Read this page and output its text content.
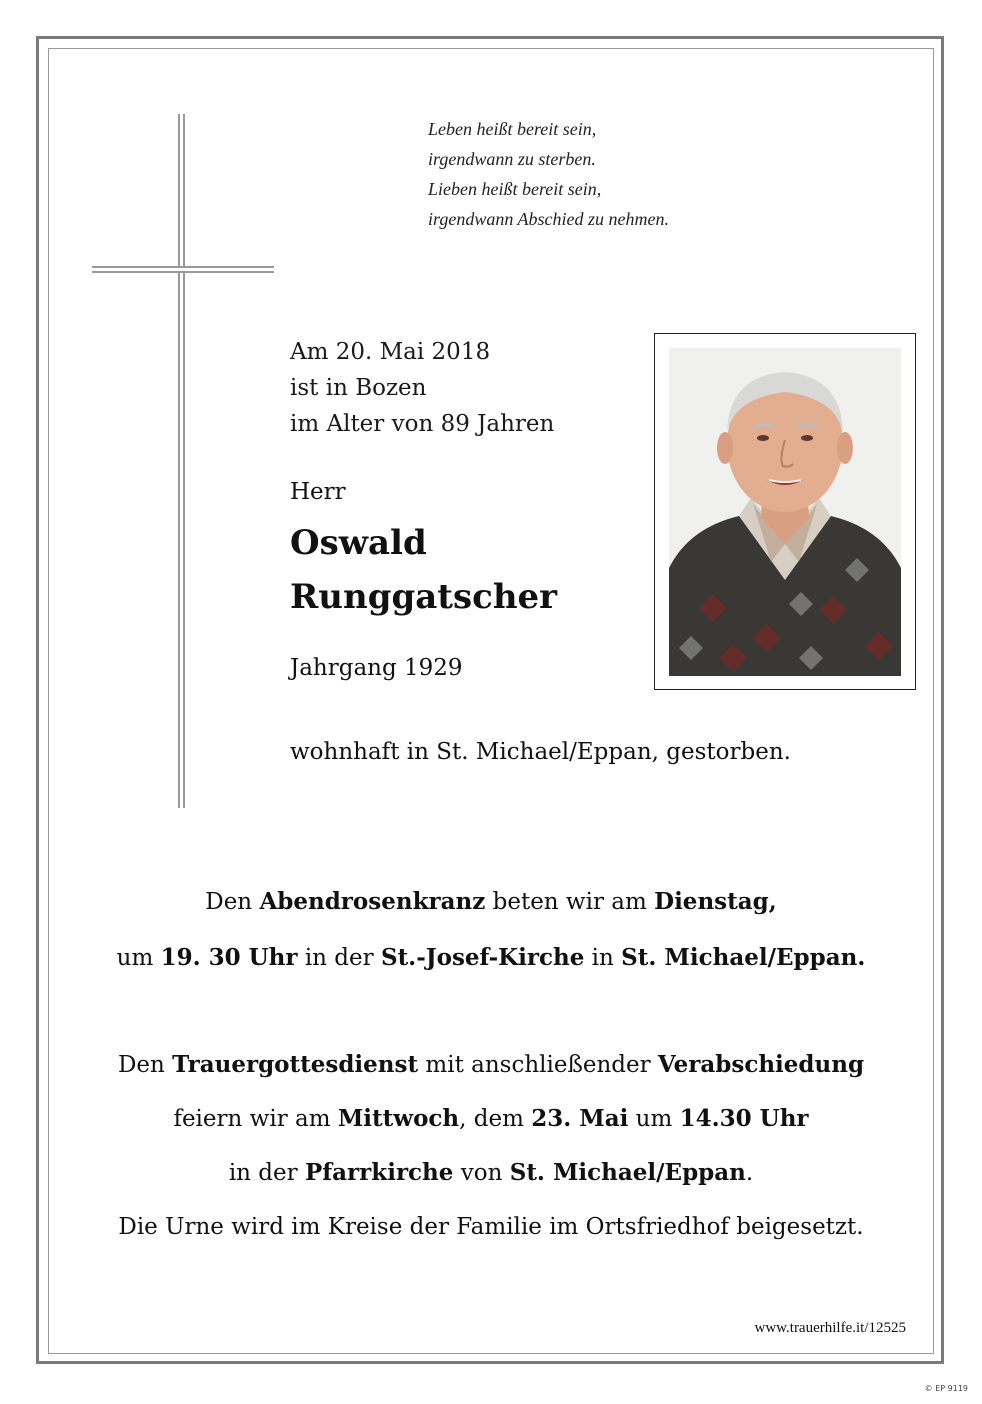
Leben heißt bereit sein,
irgendwann zu sterben.
Lieben heißt bereit sein,
irgendwann Abschied zu nehmen.
Am 20. Mai 2018
ist in Bozen
im Alter von 89 Jahren
Herr
Oswald
Runggatscher
Jahrgang 1929
wohnhaft in St. Michael/Eppan, gestorben.

Den Abendrosenkranz beten wir am Dienstag,

um 19. 30 Uhr in der St.-Josef-Kirche in St. Michael/Eppan.

Den Trauergottesdienst mit anschließender Verabschiedung

feiern wir am Mittwoch, dem 23. Mai um 14.30 Uhr

in der Pfarrkirche von St. Michael/Eppan.

Die Urne wird im Kreise der Familie im Ortsfriedhof beigesetzt.

www.trauerhilfe.it/12525
© EP 9119
